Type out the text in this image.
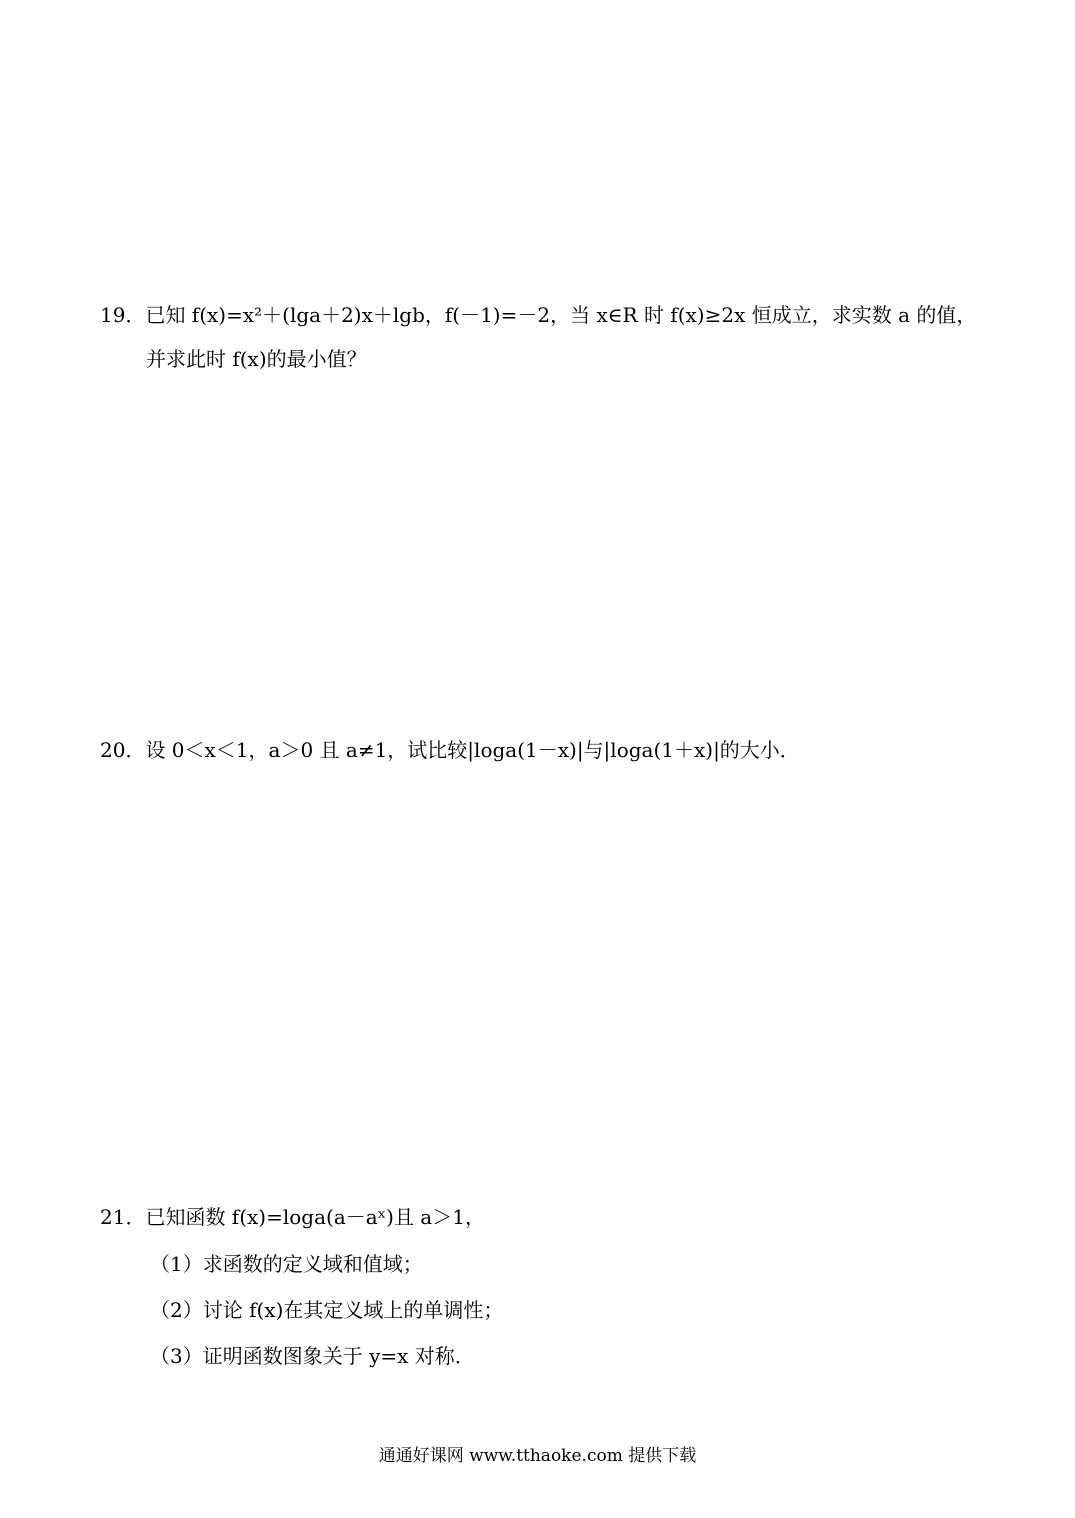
19．已知 f(x)=x²＋(lga＋2)x＋lgb，f(－1)=－2，当 x∈R 时 f(x)≥2x 恒成立，求实数 a 的值，
并求此时 f(x)的最小值？
20．设 0＜x＜1，a＞0 且 a≠1，试比较|loga(1－x)|与|loga(1＋x)|的大小．
21．已知函数 f(x)=loga(a－aˣ)且 a＞1，
（1）求函数的定义域和值域；
（2）讨论 f(x)在其定义域上的单调性；
（3）证明函数图象关于 y=x 对称．
通通好课网 www.tthaoke.com 提供下载
